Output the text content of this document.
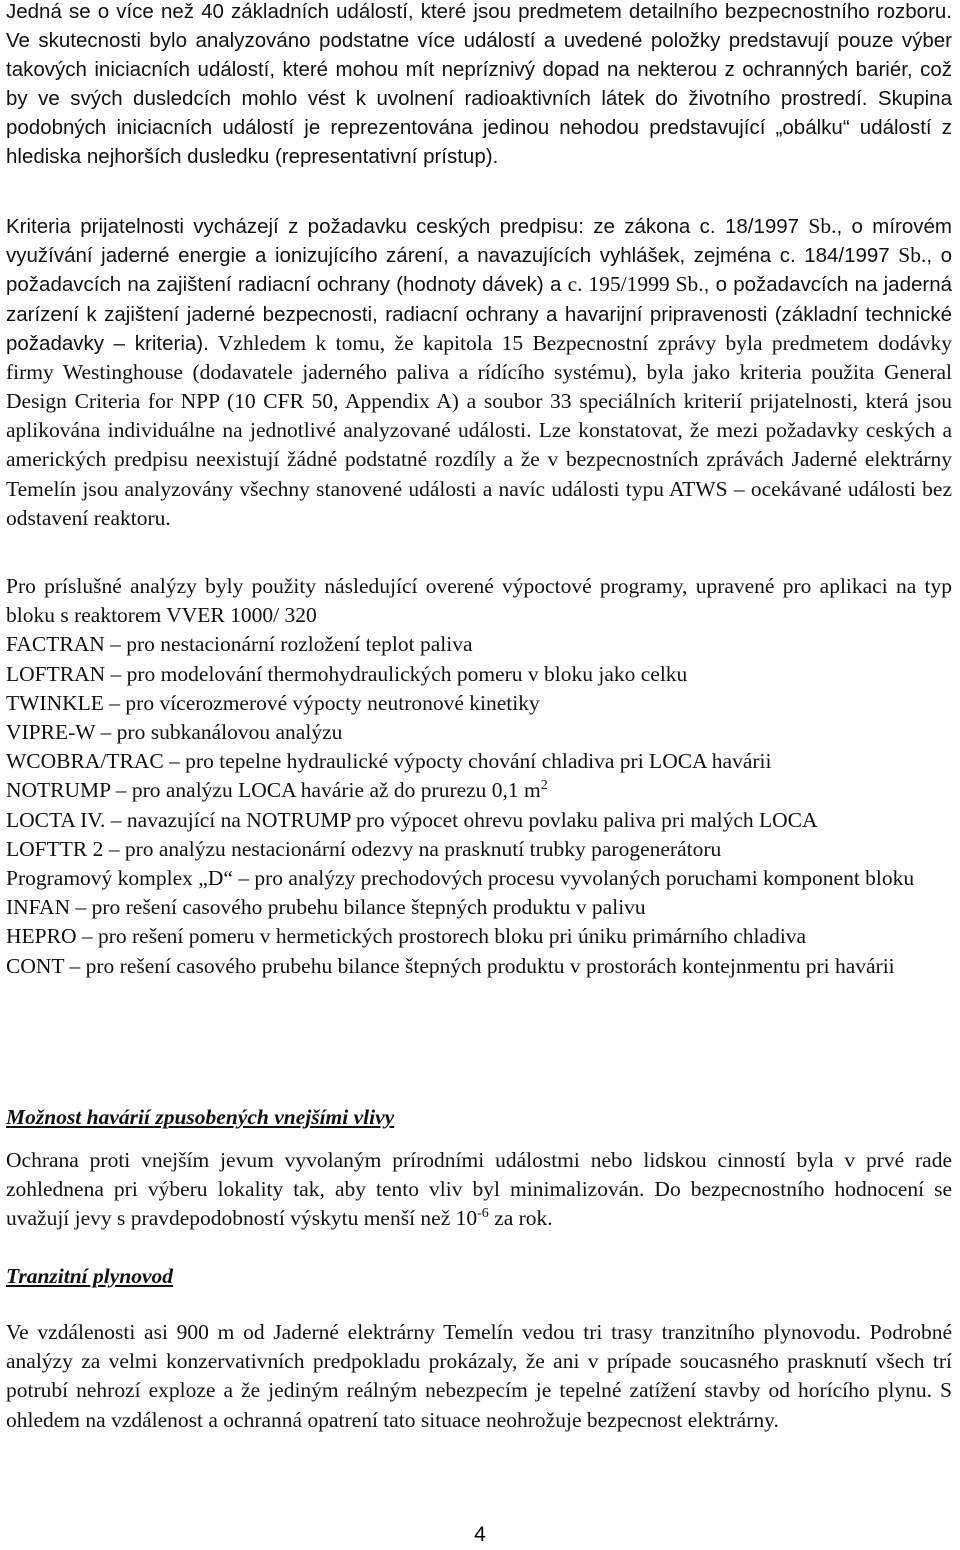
Jedná se o více než 40 základních událostí, které jsou predmetem detailního bezpecnostního rozboru. Ve skutecnosti bylo analyzováno podstatne více událostí a uvedené položky predstavují pouze výber takových iniciacních událostí, které mohou mít nepríznivý dopad na nekterou z ochranných bariér, což by ve svých dusledcích mohlo vést k uvolnení radioaktivních látek do životního prostredí. Skupina podobných iniciacních událostí je reprezentována jedinou nehodou predstavující „obálku“ událostí z hlediska nejhorších dusledku (representativní prístup).

Kriteria prijatelnosti vycházejí z požadavku ceských predpisu: ze zákona c. 18/1997 Sb., o mírovém využívání jaderné energie a ionizujícího zárení, a navazujících vyhlášek, zejména c. 184/1997 Sb., o požadavcích na zajištení radiacní ochrany (hodnoty dávek) a c. 195/1999 Sb., o požadavcích na jaderná zarízení k zajištení jaderné bezpecnosti, radiacní ochrany a havarijní pripravenosti (základní technické požadavky – kriteria). Vzhledem k tomu, že kapitola 15 Bezpecnostní zprávy byla predmetem dodávky firmy Westinghouse (dodavatele jaderného paliva a rídícího systému), byla jako kriteria použita General Design Criteria for NPP (10 CFR 50, Appendix A) a soubor 33 speciálních kriterií prijatelnosti, která jsou aplikována individuálne na jednotlivé analyzované události. Lze konstatovat, že mezi požadavky ceských a amerických predpisu neexistují žádné podstatné rozdíly a že v bezpecnostních zprávách Jaderné elektrárny Temelín jsou analyzovány všechny stanovené události a navíc události typu ATWS – ocekávané události bez odstavení reaktoru.

Pro príslušné analýzy byly použity následující overené výpoctové programy, upravené pro aplikaci na typ bloku s reaktorem VVER 1000/ 320

FACTRAN – pro nestacionární rozložení teplot paliva
LOFTRAN – pro modelování thermohydraulických pomeru v bloku jako celku
TWINKLE – pro vícerozmerové výpocty neutronové kinetiky
VIPRE-W – pro subkanálovou analýzu
WCOBRA/TRAC – pro tepelne hydraulické výpocty chování chladiva pri LOCA havárii
NOTRUMP – pro analýzu LOCA havárie až do prurezu 0,1 $m^2$
LOCTA IV. – navazující na NOTRUMP pro výpocet ohrevu povlaku paliva pri malých LOCA
LOFTTR 2 – pro analýzu nestacionární odezvy na prasknutí trubky parogenerátoru
Programový komplex „D“ – pro analýzy prechodových procesu vyvolaných poruchami komponent bloku
INFAN – pro rešení casového prubehu bilance štepných produktu v palivu
HEPRO – pro rešení pomeru v hermetických prostorech bloku pri úniku primárního chladiva
CONT – pro rešení casového prubehu bilance štepných produktu v prostorách kontejnmentu pri havárii
Možnost havárií zpusobených vnejšími vlivy

Ochrana proti vnejším jevum vyvolaným prírodními událostmi nebo lidskou cinností byla v prvé rade zohlednena pri výberu lokality tak, aby tento vliv byl minimalizován. Do bezpecnostního hodnocení se uvažují jevy s pravdepodobností výskytu menší než $10^{-6}$ za rok.

Tranzitní plynovod

Ve vzdálenosti asi 900 m od Jaderné elektrárny Temelín vedou tri trasy tranzitního plynovodu. Podrobné analýzy za velmi konzervativních predpokladu prokázaly, že ani v prípade soucasného prasknutí všech trí potrubí nehrozí exploze a že jediným reálným nebezpecím je tepelné zatížení stavby od horícího plynu. S ohledem na vzdálenost a ochranná opatrení tato situace neohrožuje bezpecnost elektrárny.

4
